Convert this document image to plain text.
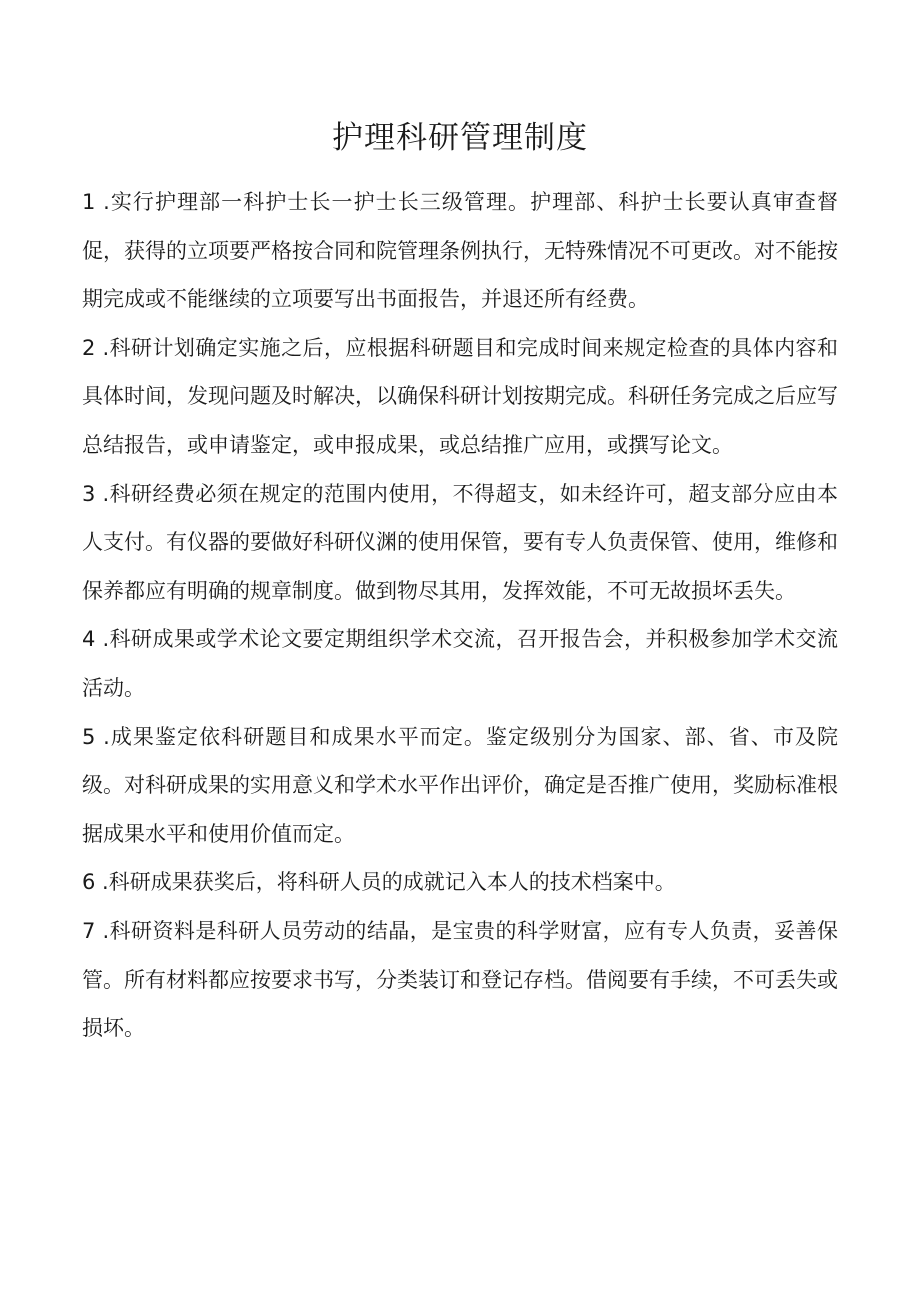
护理科研管理制度

1 .实行护理部一科护士长一护士长三级管理。护理部、科护士长要认真审查督促，获得的立项要严格按合同和院管理条例执行，无特殊情况不可更改。对不能按期完成或不能继续的立项要写出书面报告，并退还所有经费。

2 .科研计划确定实施之后，应根据科研题目和完成时间来规定检查的具体内容和具体时间，发现问题及时解决，以确保科研计划按期完成。科研任务完成之后应写总结报告，或申请鉴定，或申报成果，或总结推广应用，或撰写论文。

3 .科研经费必须在规定的范围内使用，不得超支，如未经许可，超支部分应由本人支付。有仪器的要做好科研仪渊的使用保管，要有专人负责保管、使用，维修和保养都应有明确的规章制度。做到物尽其用，发挥效能，不可无故损坏丢失。

4 .科研成果或学术论文要定期组织学术交流，召开报告会，并积极参加学术交流活动。

5 .成果鉴定依科研题目和成果水平而定。鉴定级别分为国家、部、省、市及院级。对科研成果的实用意义和学术水平作出评价，确定是否推广使用，奖励标准根据成果水平和使用价值而定。

6 .科研成果获奖后，将科研人员的成就记入本人的技术档案中。

7 .科研资料是科研人员劳动的结晶，是宝贵的科学财富，应有专人负责，妥善保管。所有材料都应按要求书写，分类装订和登记存档。借阅要有手续，不可丢失或损坏。
